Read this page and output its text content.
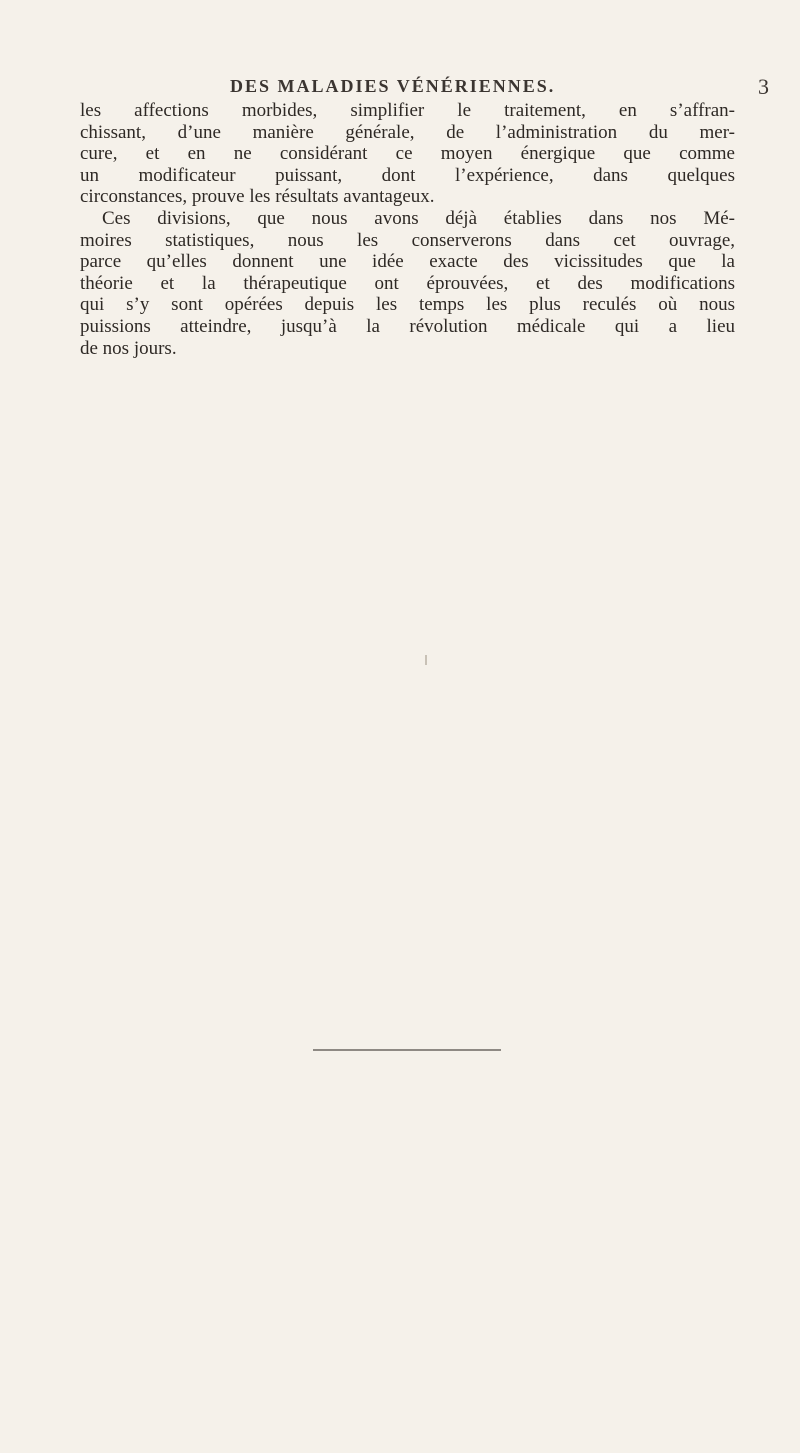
DES MALADIES VÉNÉRIENNES.	3
les affections morbides, simplifier le traitement, en s’affran-
chissant, d’une manière générale, de l’administration du mer-
cure, et en ne considérant ce moyen énergique que comme
un modificateur puissant, dont l’expérience, dans quelques
circonstances, prouve les résultats avantageux.
Ces divisions, que nous avons déjà établies dans nos Mé-
moires statistiques, nous les conserverons dans cet ouvrage,
parce qu’elles donnent une idée exacte des vicissitudes que la
théorie et la thérapeutique ont éprouvées, et des modifications
qui s’y sont opérées depuis les temps les plus reculés où nous
puissions atteindre, jusqu’à la révolution médicale qui a lieu
de nos jours.
